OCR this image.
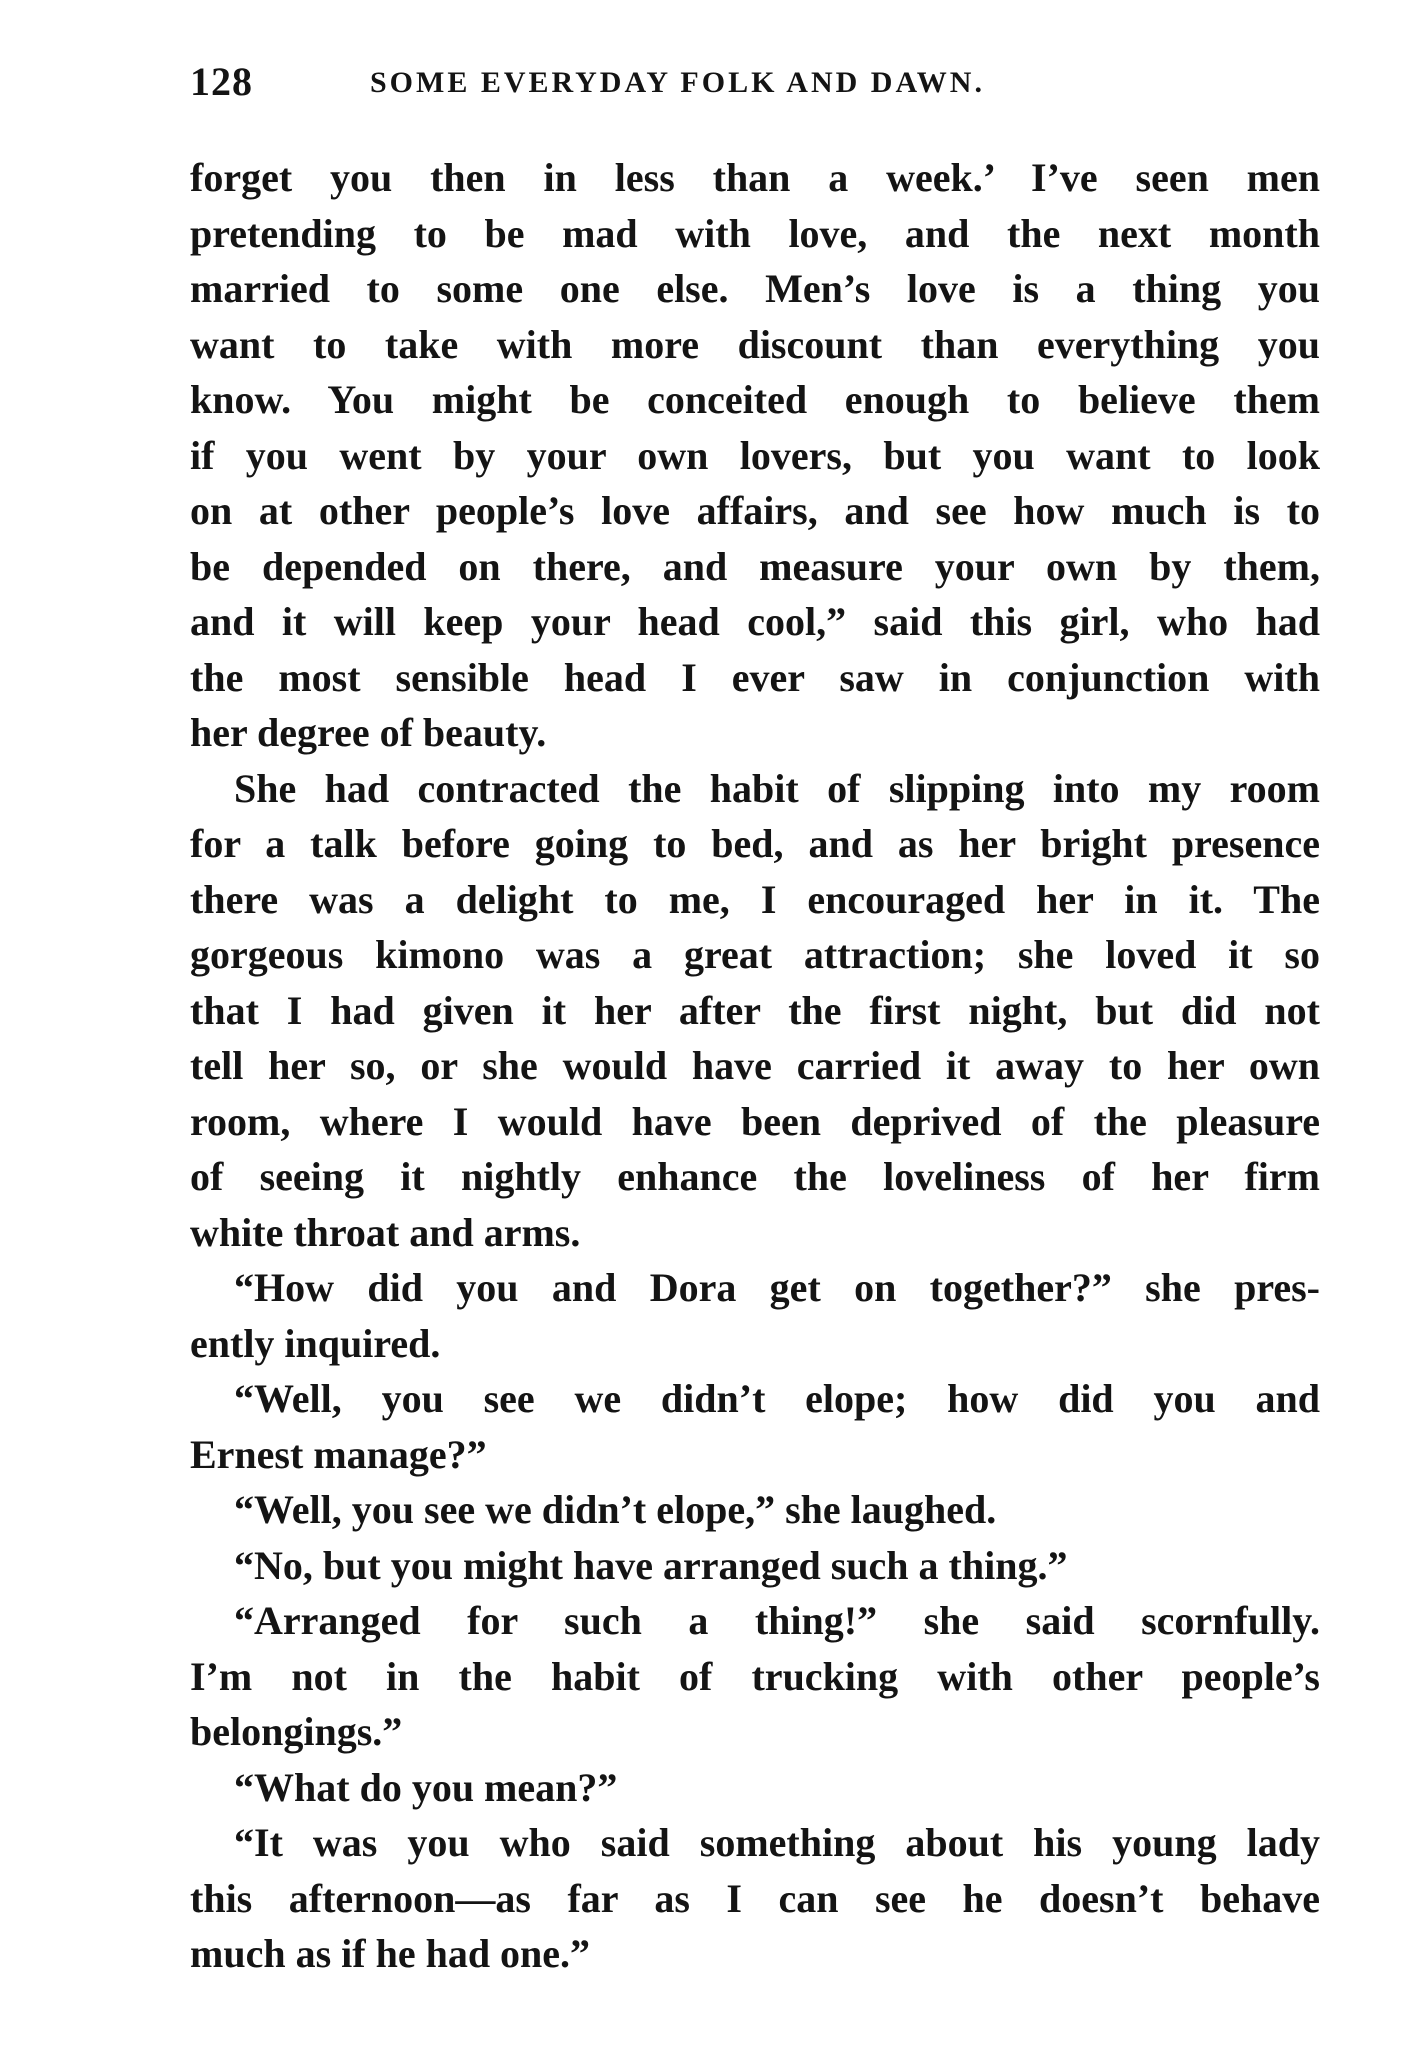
128	SOME EVERYDAY FOLK AND DAWN.
forget you then in less than a week.’ I’ve seen men
pretending to be mad with love, and the next month
married to some one else. Men’s love is a thing you
want to take with more discount than everything you
know. You might be conceited enough to believe them
if you went by your own lovers, but you want to look
on at other people’s love affairs, and see how much is to
be depended on there, and measure your own by them,
and it will keep your head cool,” said this girl, who had
the most sensible head I ever saw in conjunction with
her degree of beauty.
She had contracted the habit of slipping into my room
for a talk before going to bed, and as her bright presence
there was a delight to me, I encouraged her in it. The
gorgeous kimono was a great attraction; she loved it so
that I had given it her after the first night, but did not
tell her so, or she would have carried it away to her own
room, where I would have been deprived of the pleasure
of seeing it nightly enhance the loveliness of her firm
white throat and arms.
“How did you and Dora get on together?” she pres-
ently inquired.
“Well, you see we didn’t elope; how did you and
Ernest manage?”
“Well, you see we didn’t elope,” she laughed.
“No, but you might have arranged such a thing.”
“Arranged for such a thing!” she said scornfully.
I’m not in the habit of trucking with other people’s
belongings.”
“What do you mean?”
“It was you who said something about his young lady
this afternoon—as far as I can see he doesn’t behave
much as if he had one.”
